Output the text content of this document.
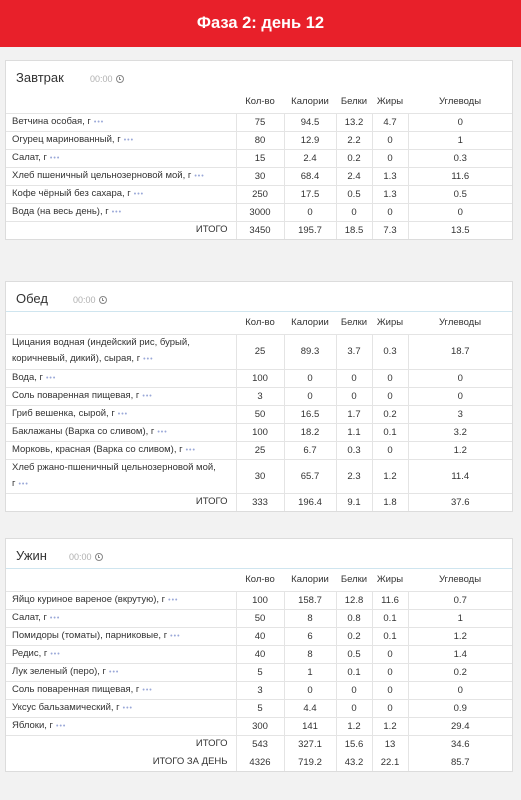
Фаза 2: день 12
Завтрак	00:00
	Кол-во	Калории	Белки	Жиры	Углеводы
Ветчина особая, г •••	75	94.5	13.2	4.7	0
Огурец маринованный, г •••	80	12.9	2.2	0	1
Салат, г •••	15	2.4	0.2	0	0.3
Хлеб пшеничный цельнозерновой мой, г •••	30	68.4	2.4	1.3	11.6
Кофе чёрный без сахара, г •••	250	17.5	0.5	1.3	0.5
Вода (на весь день), г •••	3000	0	0	0	0
ИТОГО	3450	195.7	18.5	7.3	13.5
Обед	00:00
	Кол-во	Калории	Белки	Жиры	Углеводы
Цицания водная (индейский рис, бурый, коричневый, дикий), сырая, г •••	25	89.3	3.7	0.3	18.7
Вода, г •••	100	0	0	0	0
Соль поваренная пищевая, г •••	3	0	0	0	0
Гриб вешенка, сырой, г •••	50	16.5	1.7	0.2	3
Баклажаны (Варка со сливом), г •••	100	18.2	1.1	0.1	3.2
Морковь, красная (Варка со сливом), г •••	25	6.7	0.3	0	1.2
Хлеб ржано-пшеничный цельнозерновой мой, г •••	30	65.7	2.3	1.2	11.4
ИТОГО	333	196.4	9.1	1.8	37.6
Ужин 00:00
	Кол-во	Калории	Белки	Жиры	Углеводы
Яйцо куриное вареное (вкрутую), г •••	100	158.7	12.8	11.6	0.7
Салат, г •••	50	8	0.8	0.1	1
Помидоры (томаты), парниковые, г •••	40	6	0.2	0.1	1.2
Редис, г •••	40	8	0.5	0	1.4
Лук зеленый (перо), г •••	5	1	0.1	0	0.2
Соль поваренная пищевая, г •••	3	0	0	0	0
Уксус бальзамический, г •••	5	4.4	0	0	0.9
Яблоки, г •••	300	141	1.2	1.2	29.4
ИТОГО	543	327.1	15.6	13	34.6
ИТОГО ЗА ДЕНЬ	4326	719.2	43.2	22.1	85.7
